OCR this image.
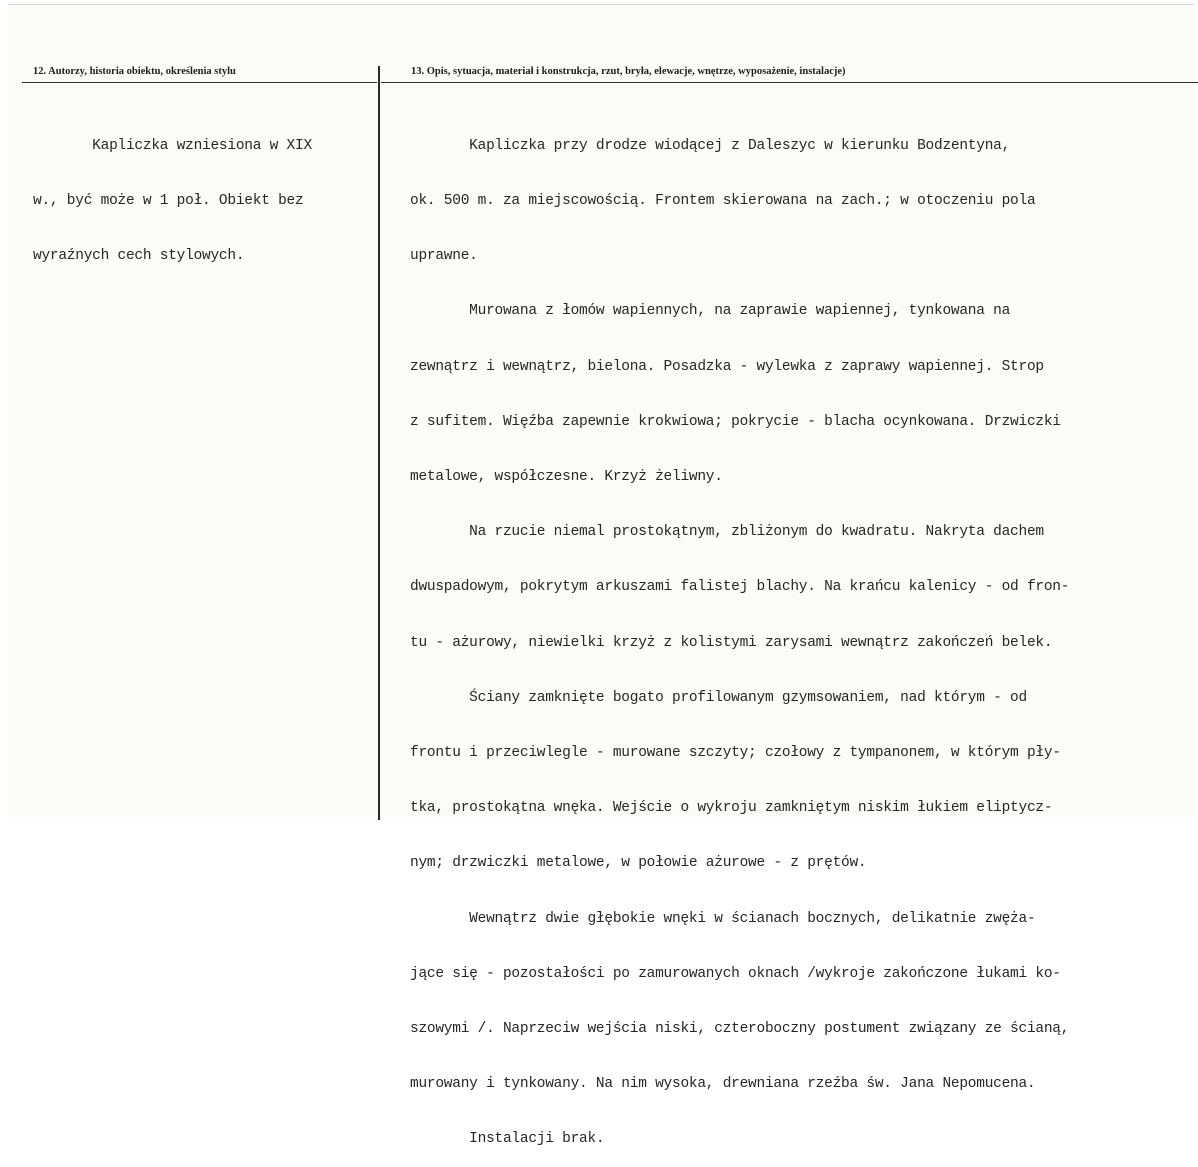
12. Autorzy, historia obiektu, określenia stylu	13. Opis, sytuacja, materiał i konstrukcja, rzut, bryła, elewacje, wnętrze, wyposażenie, instalacje)

Kapliczka wzniesiona w XIX

w., być może w 1 poł. Obiekt bez

wyraźnych cech stylowych.

Kapliczka przy drodze wiodącej z Daleszyc w kierunku Bodzentyna,

ok. 500 m. za miejscowością. Frontem skierowana na zach.; w otoczeniu pola

uprawne.

Murowana z łomów wapiennych, na zaprawie wapiennej, tynkowana na

zewnątrz i wewnątrz, bielona. Posadzka - wylewka z zaprawy wapiennej. Strop

z sufitem. Więźba zapewnie krokwiowa; pokrycie - blacha ocynkowana. Drzwiczki

metalowe, współczesne. Krzyż żeliwny.

Na rzucie niemal prostokątnym, zbliżonym do kwadratu. Nakryta dachem

dwuspadowym, pokrytym arkuszami falistej blachy. Na krańcu kalenicy - od fron-

tu - ażurowy, niewielki krzyż z kolistymi zarysami wewnątrz zakończeń belek.

Ściany zamknięte bogato profilowanym gzymsowaniem, nad którym - od

frontu i przeciwlegle - murowane szczyty; czołowy z tympanonem, w którym pły-

tka, prostokątna wnęka. Wejście o wykroju zamkniętym niskim łukiem eliptycz-

nym; drzwiczki metalowe, w połowie ażurowe - z prętów.

Wewnątrz dwie głębokie wnęki w ścianach bocznych, delikatnie zwęża-

jące się - pozostałości po zamurowanych oknach /wykroje zakończone łukami ko-

szowymi /. Naprzeciw wejścia niski, czteroboczny postument związany ze ścianą,

murowany i tynkowany. Na nim wysoka, drewniana rzeźba św. Jana Nepomucena.

Instalacji brak.
